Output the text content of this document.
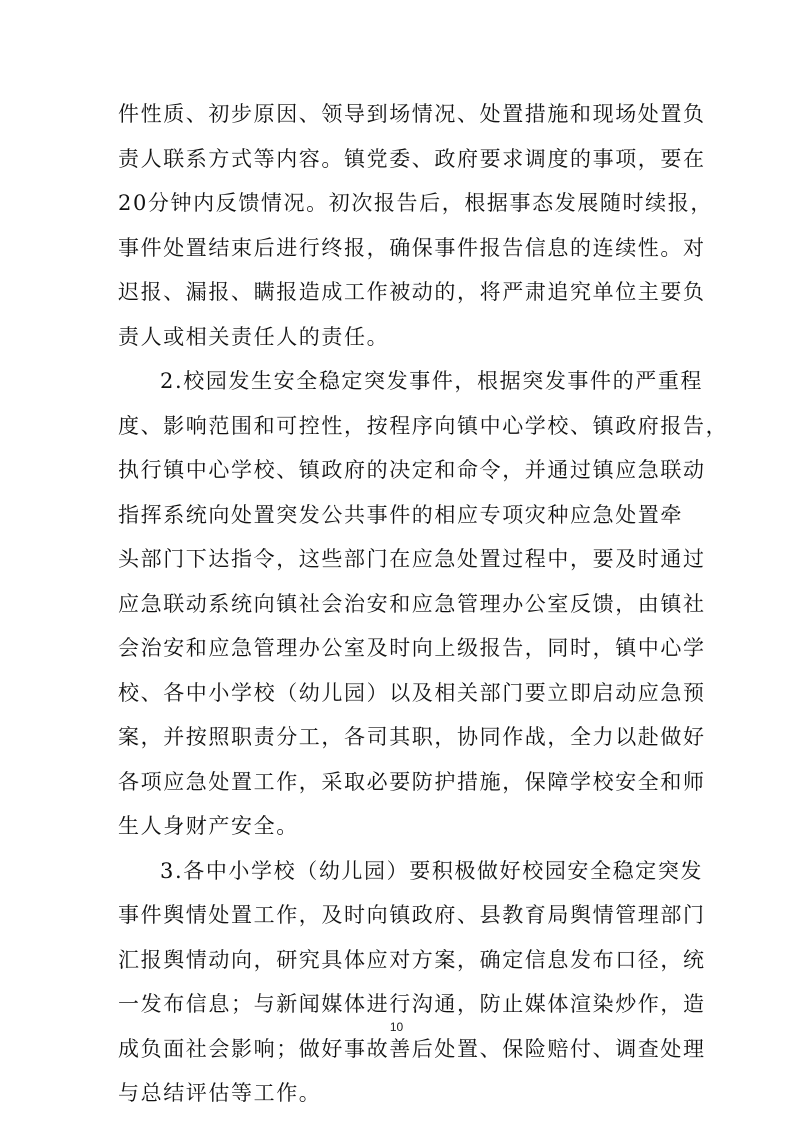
件性质、初步原因、领导到场情况、处置措施和现场处置负
责人联系方式等内容。镇党委、政府要求调度的事项，要在
20分钟内反馈情况。初次报告后，根据事态发展随时续报，
事件处置结束后进行终报，确保事件报告信息的连续性。对
迟报、漏报、瞒报造成工作被动的，将严肃追究单位主要负
责人或相关责任人的责任。
2.校园发生安全稳定突发事件，根据突发事件的严重程
度、影响范围和可控性，按程序向镇中心学校、镇政府报告，
执行镇中心学校、镇政府的决定和命令，并通过镇应急联动
指挥系统向处置突发公共事件的相应专项灾种应急处置牵
头部门下达指令，这些部门在应急处置过程中，要及时通过
应急联动系统向镇社会治安和应急管理办公室反馈，由镇社
会治安和应急管理办公室及时向上级报告，同时，镇中心学
校、各中小学校（幼儿园）以及相关部门要立即启动应急预
案，并按照职责分工，各司其职，协同作战，全力以赴做好
各项应急处置工作，采取必要防护措施，保障学校安全和师
生人身财产安全。
3.各中小学校（幼儿园）要积极做好校园安全稳定突发
事件舆情处置工作，及时向镇政府、县教育局舆情管理部门
汇报舆情动向，研究具体应对方案，确定信息发布口径，统
一发布信息；与新闻媒体进行沟通，防止媒体渲染炒作，造
成负面社会影响；做好事故善后处置、保险赔付、调查处理
与总结评估等工作。
10
